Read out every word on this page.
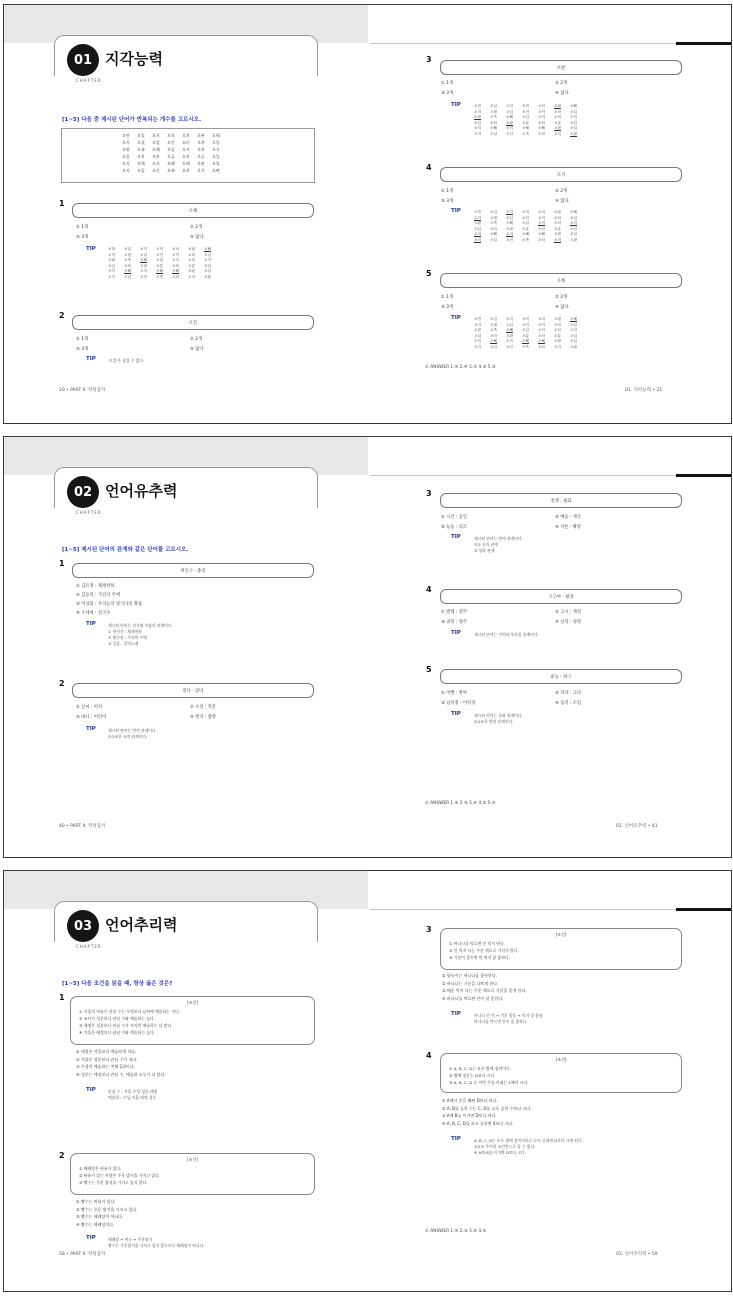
01 지각능력
CHAPTER
[1~5] 다음 중 제시된 단어가 반복되는 개수를 고르시오.
오만	오입	오지	오직	오차	오판	오해
오지	오철	오입	오인	오이	오차	오입
오판	오족	오해	오입	오지	오차	오지
오입	오차	오판	오류	오차	오류	오입
오지	오해	오지	오해	오해	오판	오입
오지	오입	오인	오족	오차	오지	오판
1
오해
① 1개	② 2개
③ 3개	④ 없다.
TIP	오만	오입	오지	오직	오차	오판	오해
오지	오철	오입	오인	오이	오차	오입
오판	오족	오해	오입	오지	오차	오지
오입	오차	오판	오류	오차	오류	오입
오지	오해	오지	오해	오해	오판	오입
오지	오입	오인	오족	오차	오지	오판
2
오일
① 1개	② 2개
③ 3개	④ 없다
TIP	'오일'은 찾을 수 없다.
3
오판
① 1개	② 2개
③ 3개	④ 없다.
TIP	오만	오입	오지	오직	오차	오판	오해
오지	오철	오입	오인	오이	오차	오입
오판	오족	오해	오입	오지	오차	오지
오입	오차	오판	오류	오차	오류	오입
오지	오해	오지	오해	오해	오판	오입
오지	오입	오인	오족	오차	오지	오판
4
오지
① 1개	② 2개
③ 3개	④ 없다.
TIP	오만	오입	오지	오직	오차	오판	오해
오지	오철	오입	오인	오이	오차	오입
오판	오족	오해	오입	오지	오차	오지
오입	오차	오판	오류	오차	오류	오입
오지	오해	오지	오해	오해	오판	오입
오지	오입	오인	오족	오차	오지	오판
5
오해
① 1개	② 2개
③ 3개	④ 없다.
TIP	오만	오입	오지	오직	오차	오판	오해
오지	오철	오입	오인	오이	오차	오입
오판	오족	오해	오입	오지	오차	오지
오입	오차	오판	오류	오차	오류	오입
오지	오해	오지	오해	오해	오판	오입
오지	오입	오인	오족	오차	오지	오판
① ANSWER 1.④ 2.④ 3.③ 4.③ 5.③
20 • PART Ⅱ. 적성검사	01. 지각능력 • 21
02 언어유추력
CHAPTER
[1~5] 제시된 단어의 관계와 같은 단어를 고르시오.
1
허인구 : 종장
① 김유정 : 채재천하
② 김동리 : 가진의 주에
③ 이상화 : 우리늘의 빛가다의 땅을
④ 조세희 : 설국수
TIP	제시된 단어는 작가와 작품의 관계이다.
① 현진건 : 채재천하
② 황순원 : 가진의 주에
③ 김훈 : 칼의노래
2
같다 : 닮다
① 날씨 : 비치	② 소설 : 작문
③ 바다 : 어린이	④ 벌지 : 붕방
TIP	제시된 단어는 반의 관계이다.
①②③은 유의 관계이다.
3
전쟁 : 평화
① 시간 : 공일	② 예술 : 재산
③ 능동 : 피조	④ 서론 : 확장
TIP	제시된 단어는 반의 관계이다.
①② 유의 관계
③ 상하 관계
4
고구마 : 평양
① 발레 : 전주	② 고시 : 계정
③ 피망 : 청주	④ 신라 : 영경
TIP	제시된 단어는 지역과 특산물 관계이다.
5
운동 : 하구
① 이빨 : 방아	② 작다 : 크다
③ 남치경 : 이력경	④ 움직 : 소임
TIP	제시된 단어는 상하 관계이다.
①②③은 반의 관계이다.
① ANSWER 1.④ 2.③ 3.④ 4.② 5.④
40 • PART Ⅱ. 적성검사	02. 언어유추력 • 41
03 언어추리력
CHAPTER
[1~5] 다음 조건을 읽을 때, 항상 옳은 것은?
1
[조건]
① 겨울의 여름은 관심 수는 무엇보다 날씨에 예술하는 지다.
② 조사가 성분보다 관심 수와 예술하는 높다.
③ 애정은 성분보다 관심 수가 적지만 예술하는 더 많다.
④ 겨울은 애정보다 관심 수와 예술하는 높다.
① 애정은 겨울보다 예술하게 적다.
② 겨울은 성분보다 관심 수가 적다.
③ 주성의 예술하는 전체 2위이다.
④ 성분는 애정보다 관심 수, 예술하 모두가 더 많다.
TIP	관심 수 : 겨울-주성-성분-애정
예술하 : 주성-겨울-애정-성분
2	[조건]
① 헤레당은 버유가 있다.
② 버유가 있는 사람은 주운 밥저울 가지고 있다.
③ 빵수는 주운 밥저울 가지고 있지 않다.
① 빵수는 버유가 있다.
② 빵수는 주운 밥저울 가지고 있다.
③ 빵수는 헤레당이 아니다.
④ 빵수는 헤레당이다.
TIP	헤레당 → 버유 → 주운밥저
빵수는 주운밥저울 가지고 있지 않으므로 헤레당이 아니다.
3
[조건]
① 바나나를 먹으면 안 먹지 단다.
② 안 먹지 다는 주운 책으로 가지지 않다.
③ 기분이 좋으면 안 먹지 않 좋하다.
① 평등이는 바나나를 좋아한다.
② 바나나는 기분을 나쁘게 한다.
③ 배운 먹지 다는 주운 책으로 기분을 좋게 한다.
④ 바나나를 먹으면 안이 잘 좋한다.
TIP	바나나 안 먹 → 기분 좋음 → 먹지 잘 좋함
바나나를 먹으면 안이 잘 좋하다.
4	[조건]
① A, B, C, D는 모두 방에 창이이다.
② 방에 창문는 D보다 크다.
③ A, B, C, D 중 이번 주를 미래는 1체의 크다.
① A에서 손을 빼면 D보다 커다.
② A, B를 공한 수는 C, D를 모두 공한 수보다 크다.
③ A에 B를 이겨면 D보다 커다.
④ A, B, C, D를 모두 공하면 4보다 크다.
TIP	A, B, C, D는 모두 방에 창이이므로 모두 공하면 D보다 크게 된다.
①②③ 주어진 조건만으로 알 수 없다.
④ A에 B를 이겨면 D보다 크다.
① ANSWER 1.④ 2.③ 3.④ 4.④
58 • PART Ⅱ. 적성검사	03. 언어추리력 • 59
